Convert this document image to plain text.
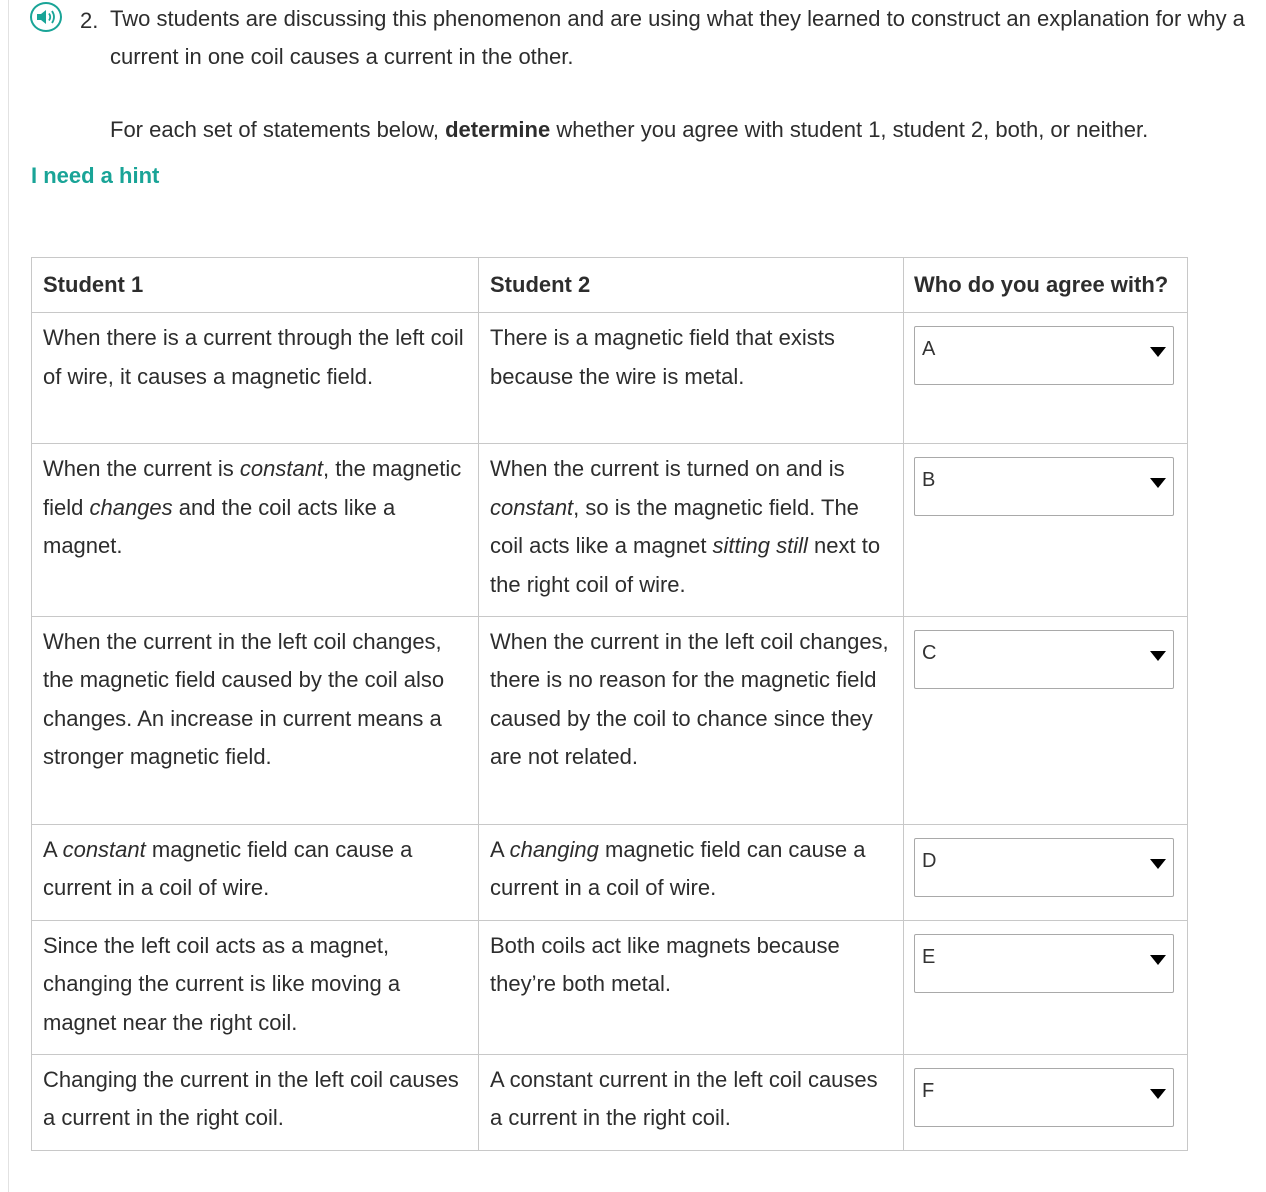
2. Two students are discussing this phenomenon and are using what they learned to construct an explanation for why a current in one coil causes a current in the other.
For each set of statements below, determine whether you agree with student 1, student 2, both, or neither.
I need a hint
Student 1	Student 2	Who do you agree with?
When there is a current through the left coil of wire, it causes a magnetic field.	There is a magnetic field that exists because the wire is metal.	A

When the current is constant, the magnetic field changes and the coil acts like a magnet.	When the current is turned on and is constant, so is the magnetic field. The coil acts like a magnet sitting still next to the right coil of wire.	B

When the current in the left coil changes, the magnetic field caused by the coil also changes. An increase in current means a stronger magnetic field.	When the current in the left coil changes, there is no reason for the magnetic field caused by the coil to chance since they are not related.	C

A constant magnetic field can cause a current in a coil of wire.	A changing magnetic field can cause a current in a coil of wire.	D

Since the left coil acts as a magnet, changing the current is like moving a magnet near the right coil.	Both coils act like magnets because they’re both metal.	E

Changing the current in the left coil causes a current in the right coil.	A constant current in the left coil causes a current in the right coil.	F
